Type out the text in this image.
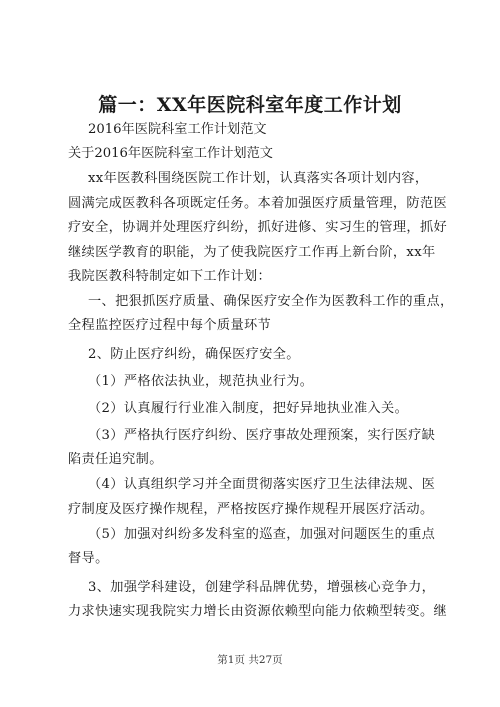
篇一：XX年医院科室年度工作计划
2016年医院科室工作计划范文
关于2016年医院科室工作计划范文
xx年医教科围绕医院工作计划，认真落实各项计划内容，
圆满完成医教科各项既定任务。本着加强医疗质量管理，防范医
疗安全，协调并处理医疗纠纷，抓好进修、实习生的管理，抓好
继续医学教育的职能，为了使我院医疗工作再上新台阶，xx年
我院医教科特制定如下工作计划：
一、把狠抓医疗质量、确保医疗安全作为医教科工作的重点，
全程监控医疗过程中每个质量环节
2、防止医疗纠纷，确保医疗安全。
（1）严格依法执业，规范执业行为。
（2）认真履行行业准入制度，把好异地执业准入关。
（3）严格执行医疗纠纷、医疗事故处理预案，实行医疗缺
陷责任追究制。
（4）认真组织学习并全面贯彻落实医疗卫生法律法规、医
疗制度及医疗操作规程，严格按医疗操作规程开展医疗活动。
（5）加强对纠纷多发科室的巡查，加强对问题医生的重点
督导。
3、加强学科建设，创建学科品牌优势，增强核心竞争力，
力求快速实现我院实力增长由资源依赖型向能力依赖型转变。继
第1页 共27页
